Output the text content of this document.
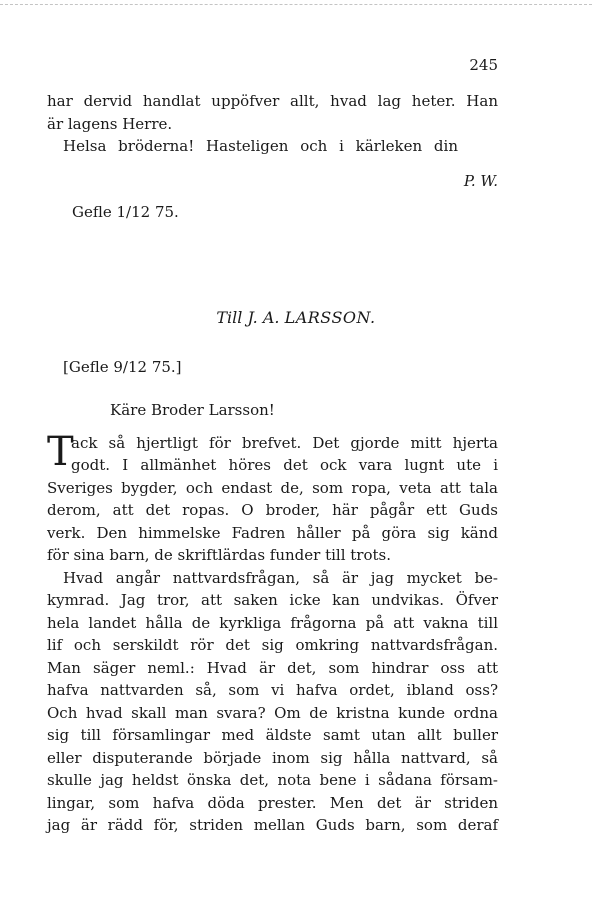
245
har dervid handlat uppöfver allt, hvad lag heter. Han
är lagens Herre.
Helsa bröderna! Hasteligen och i kärleken din
P. W.
Gefle 1/12 75.
Till J. A. LARSSON.
[Gefle 9/12 75.]
Käre Broder Larsson!
T
ack så hjertligt för brefvet. Det gjorde mitt hjerta
godt. I allmänhet höres det ock vara lugnt ute i
Sveriges bygder, och endast de, som ropa, veta att tala
derom, att det ropas. O broder, här pågår ett Guds
verk. Den himmelske Fadren håller på göra sig känd
för sina barn, de skriftlärdas funder till trots.
Hvad angår nattvardsfrågan, så är jag mycket be-
kymrad. Jag tror, att saken icke kan undvikas. Öfver
hela landet hålla de kyrkliga frågorna på att vakna till
lif och serskildt rör det sig omkring nattvardsfrågan.
Man säger neml.: Hvad är det, som hindrar oss att
hafva nattvarden så, som vi hafva ordet, ibland oss?
Och hvad skall man svara? Om de kristna kunde ordna
sig till församlingar med äldste samt utan allt buller
eller disputerande började inom sig hålla nattvard, så
skulle jag heldst önska det, nota bene i sådana försam-
lingar, som hafva döda prester. Men det är striden
jag är rädd för, striden mellan Guds barn, som deraf
